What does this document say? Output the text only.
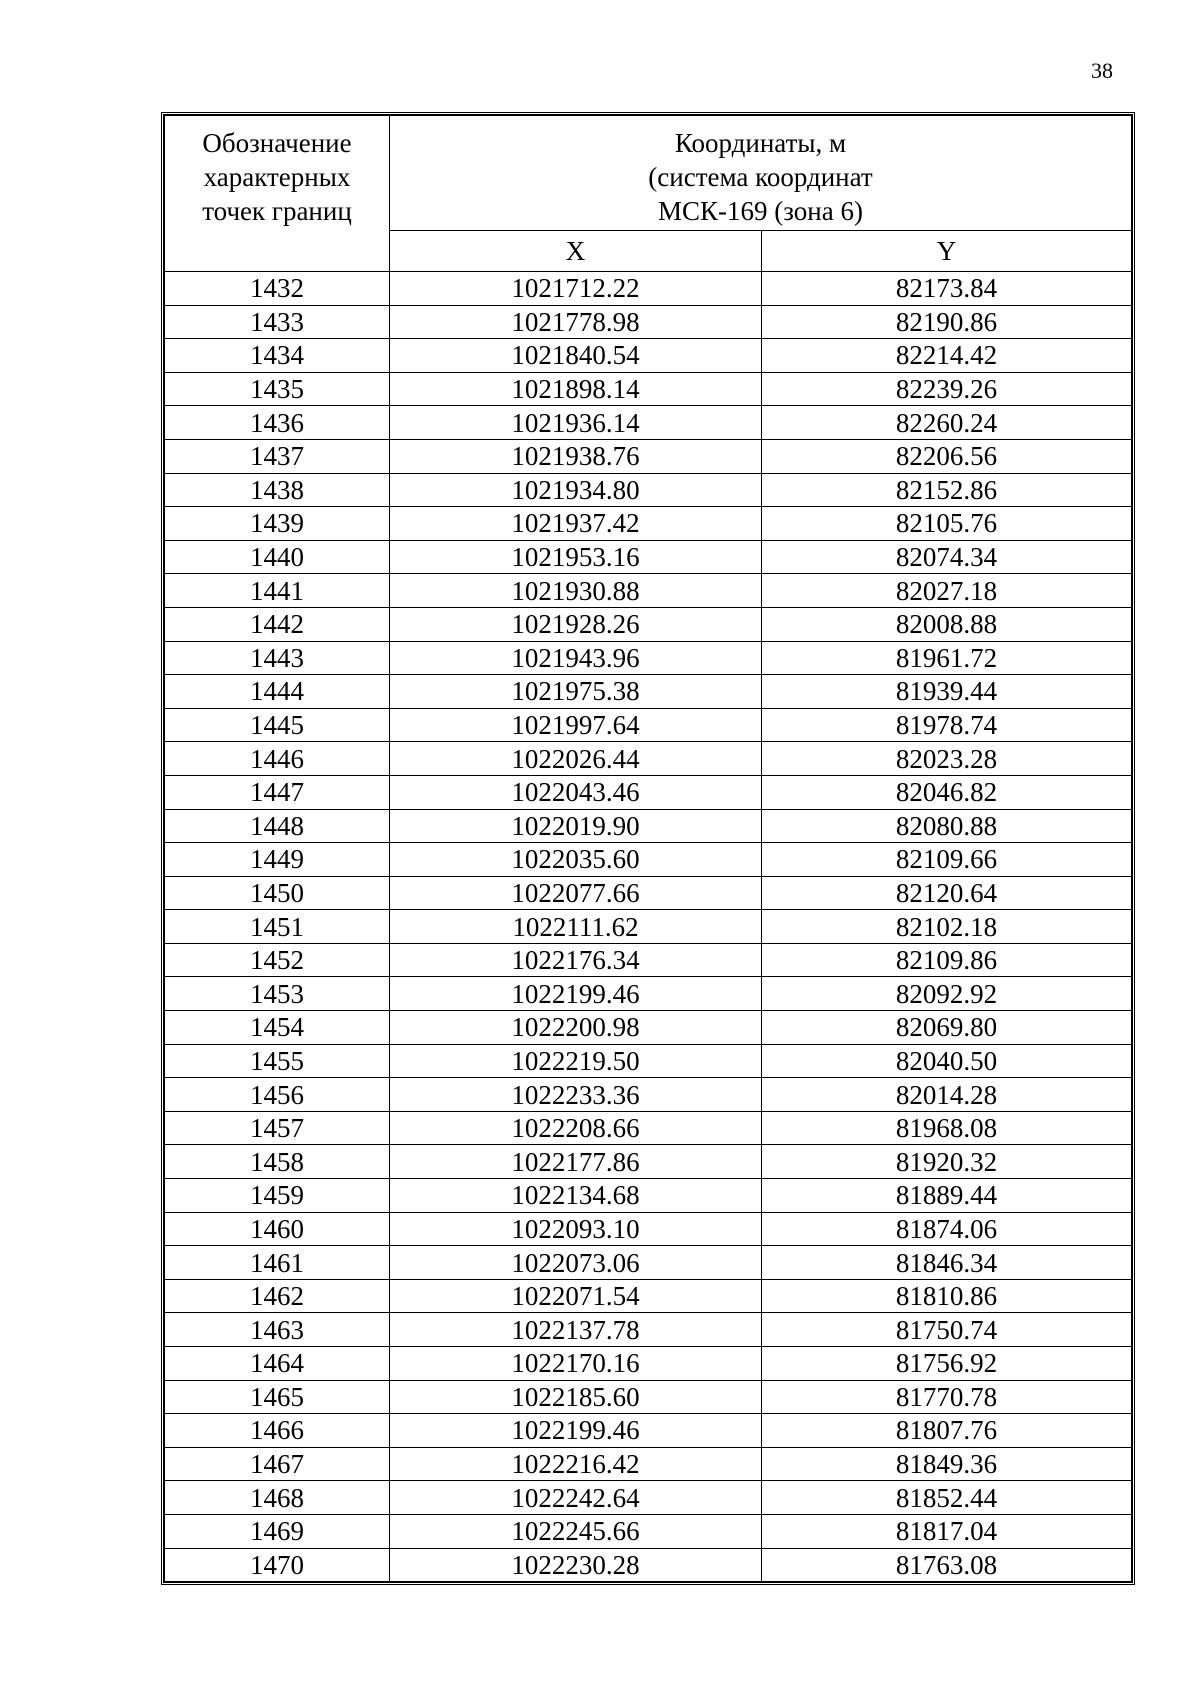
38
Обозначение
характерных
точек границ	Координаты, м
(система координат
МСК-169 (зона 6)	

	X	Y
1432	1021712.22	82173.84
1433	1021778.98	82190.86
1434	1021840.54	82214.42
1435	1021898.14	82239.26
1436	1021936.14	82260.24
1437	1021938.76	82206.56
1438	1021934.80	82152.86
1439	1021937.42	82105.76
1440	1021953.16	82074.34
1441	1021930.88	82027.18
1442	1021928.26	82008.88
1443	1021943.96	81961.72
1444	1021975.38	81939.44
1445	1021997.64	81978.74
1446	1022026.44	82023.28
1447	1022043.46	82046.82
1448	1022019.90	82080.88
1449	1022035.60	82109.66
1450	1022077.66	82120.64
1451	1022111.62	82102.18
1452	1022176.34	82109.86
1453	1022199.46	82092.92
1454	1022200.98	82069.80
1455	1022219.50	82040.50
1456	1022233.36	82014.28
1457	1022208.66	81968.08
1458	1022177.86	81920.32
1459	1022134.68	81889.44
1460	1022093.10	81874.06
1461	1022073.06	81846.34
1462	1022071.54	81810.86
1463	1022137.78	81750.74
1464	1022170.16	81756.92
1465	1022185.60	81770.78
1466	1022199.46	81807.76
1467	1022216.42	81849.36
1468	1022242.64	81852.44
1469	1022245.66	81817.04
1470	1022230.28	81763.08
